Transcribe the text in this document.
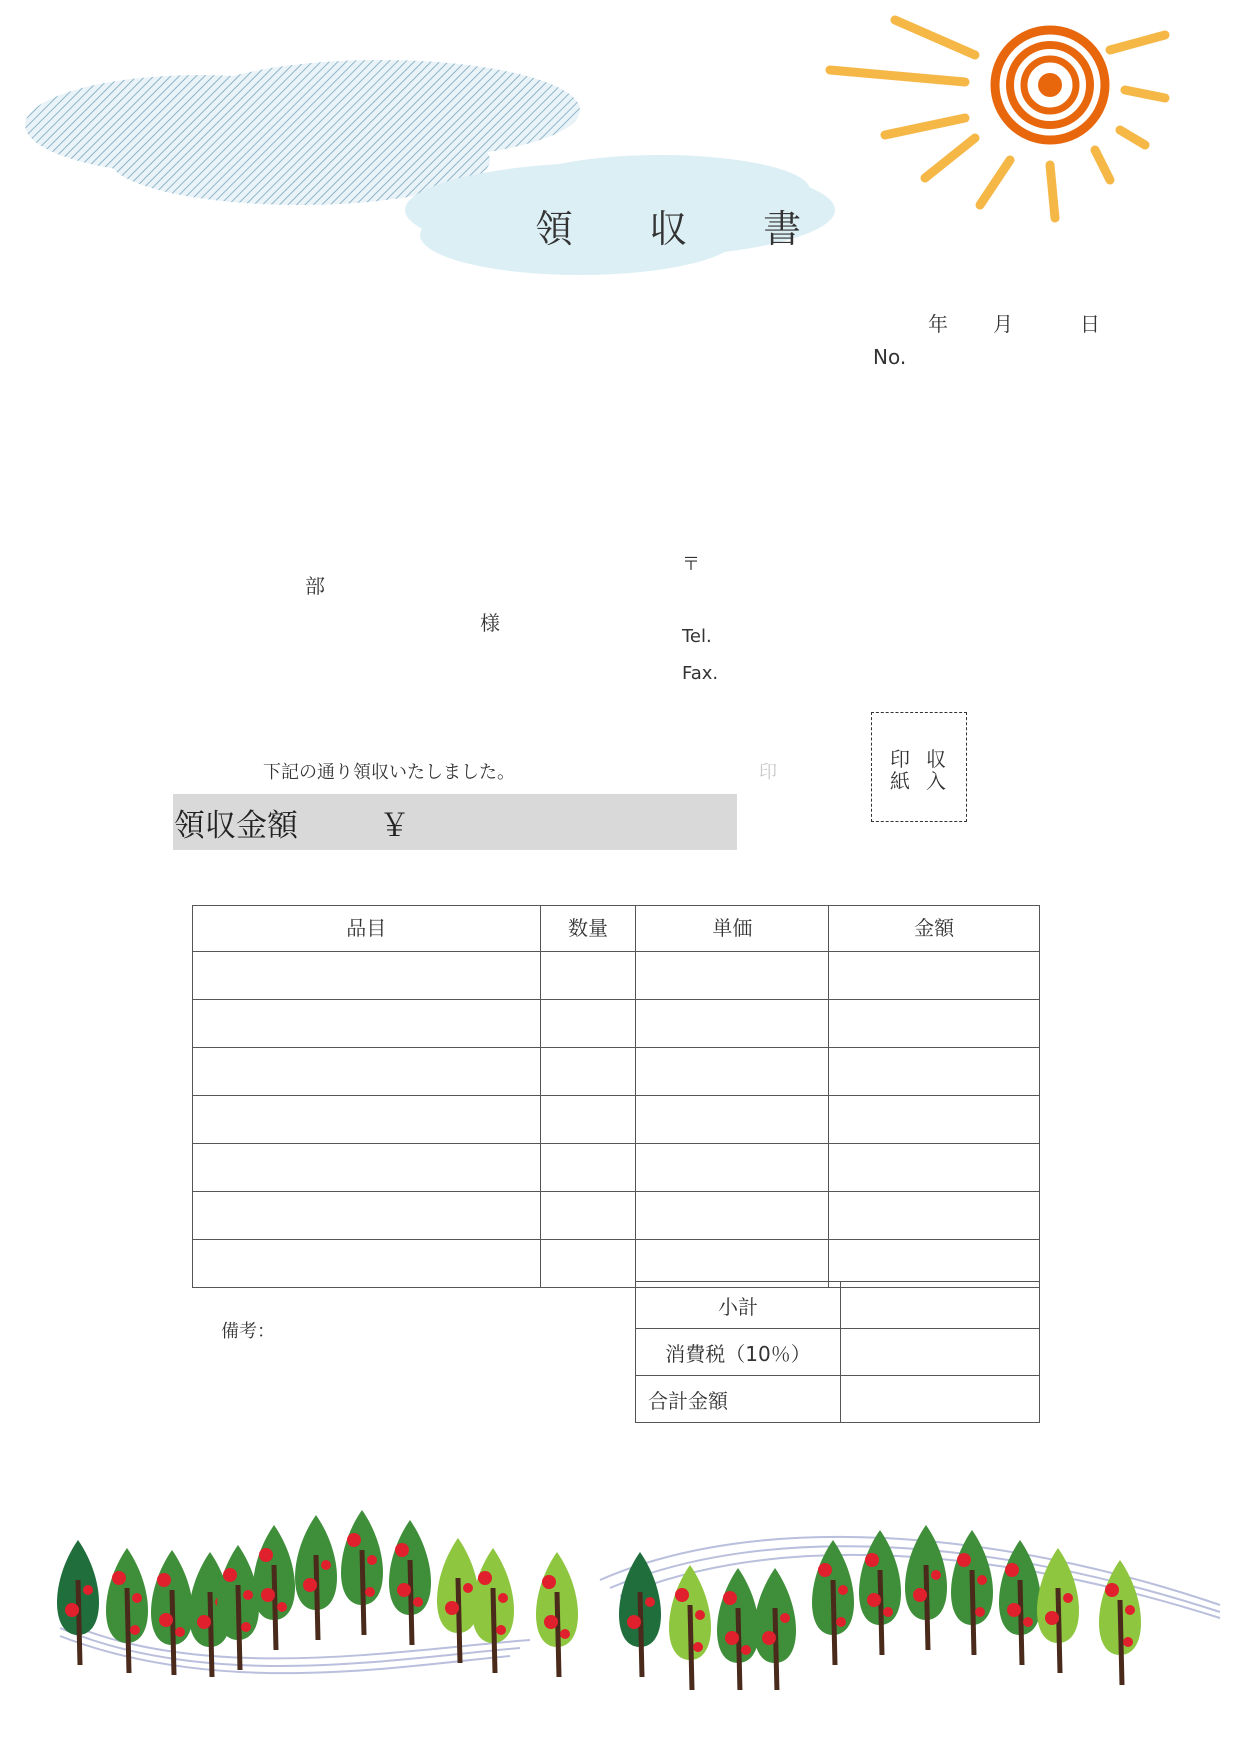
領 収 書
年 月	日
No.
部
様
〒
Tel.
Fax.
印
下記の通り領収いたしました。
領収金額	￥
収入
印紙
品目	数量	単価	金額

小計	
消費税（10％）	
合計金額	
備考：
